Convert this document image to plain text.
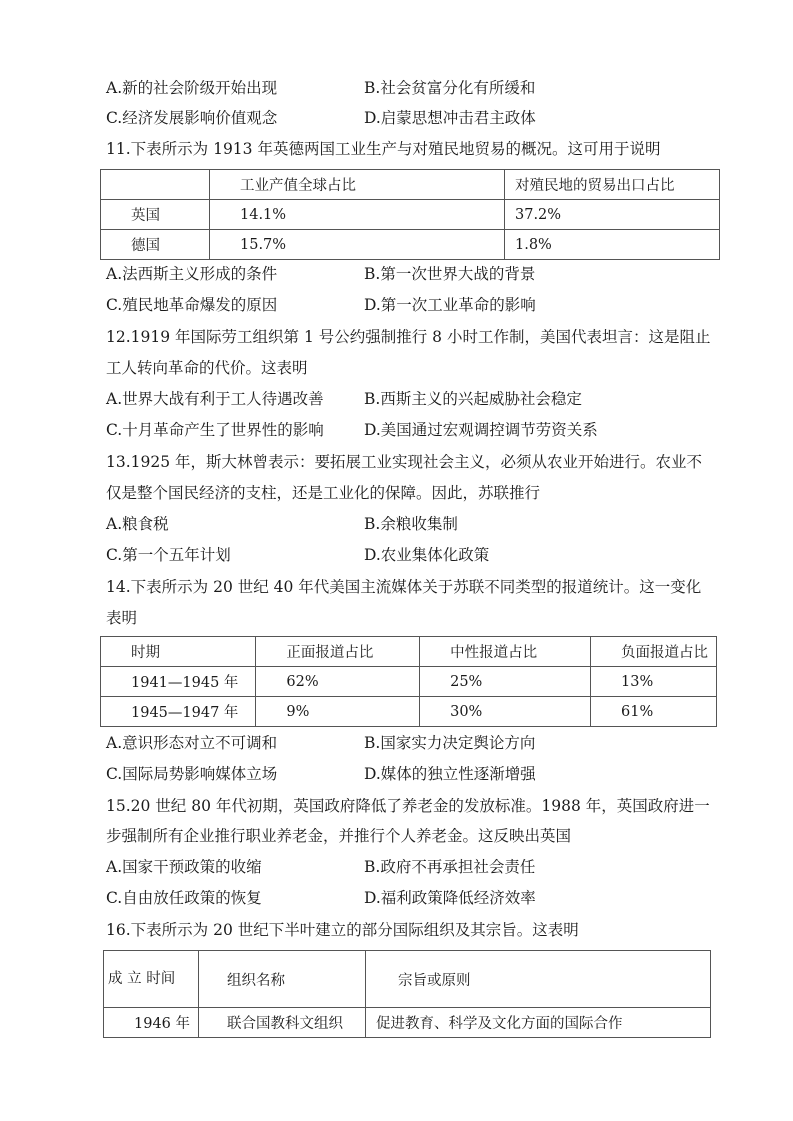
A.新的社会阶级开始出现	B.社会贫富分化有所缓和
C.经济发展影响价值观念	D.启蒙思想冲击君主政体
11.下表所示为 1913 年英德两国工业生产与对殖民地贸易的概况。这可用于说明
	工业产值全球占比	对殖民地的贸易出口占比
英国	14.1%	37.2%
德国	15.7%	1.8%
A.法西斯主义形成的条件	B.第一次世界大战的背景
C.殖民地革命爆发的原因	D.第一次工业革命的影响
12.1919 年国际劳工组织第 1 号公约强制推行 8 小时工作制，美国代表坦言：这是阻止
工人转向革命的代价。这表明
A.世界大战有利于工人待遇改善	B.西斯主义的兴起威胁社会稳定
C.十月革命产生了世界性的影响	D.美国通过宏观调控调节劳资关系
13.1925 年，斯大林曾表示：要拓展工业实现社会主义，必须从农业开始进行。农业不
仅是整个国民经济的支柱，还是工业化的保障。因此，苏联推行
A.粮食税	B.余粮收集制
C.第一个五年计划	D.农业集体化政策
14.下表所示为 20 世纪 40 年代美国主流媒体关于苏联不同类型的报道统计。这一变化
表明
时期	正面报道占比	中性报道占比	负面报道占比
1941—1945 年	62%	25%	13%
1945—1947 年	9%	30%	61%
A.意识形态对立不可调和	B.国家实力决定舆论方向
C.国际局势影响媒体立场	D.媒体的独立性逐渐增强
15.20 世纪 80 年代初期，英国政府降低了养老金的发放标准。1988 年，英国政府进一
步强制所有企业推行职业养老金，并推行个人养老金。这反映出英国
A.国家干预政策的收缩	B.政府不再承担社会责任
C.自由放任政策的恢复	D.福利政策降低经济效率
16.下表所示为 20 世纪下半叶建立的部分国际组织及其宗旨。这表明
成 立 时间	组织名称	宗旨或原则
1946 年	联合国教科文组织	促进教育、科学及文化方面的国际合作
